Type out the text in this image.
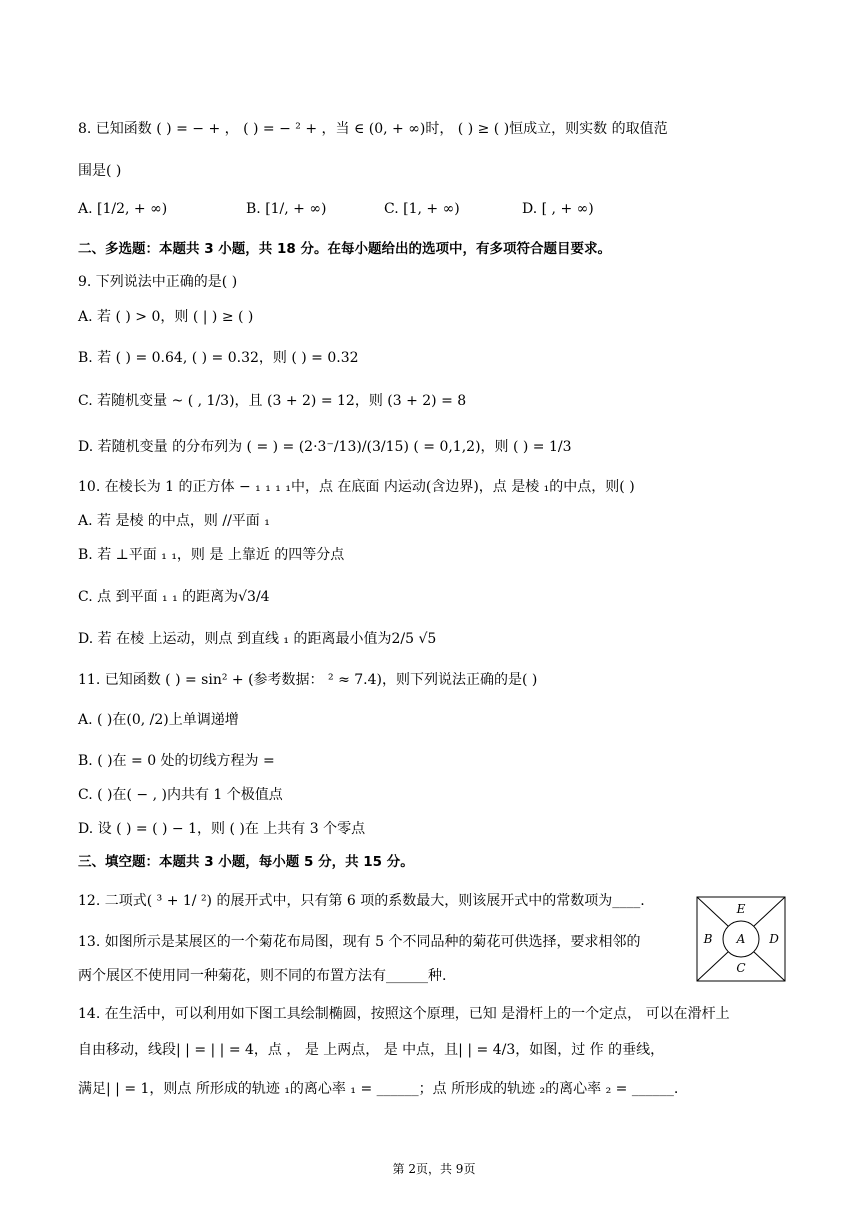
8. 已知函数 ( ) = − + ， ( ) = − ² + ，当 ∈ (0, + ∞)时， ( ) ≥ ( )恒成立，则实数 的取值范
围是( )
A. [1/2, + ∞)	B. [1/, + ∞)	C. [1, + ∞)	D. [ , + ∞)
二、多选题：本题共 3 小题，共 18 分。在每小题给出的选项中，有多项符合题目要求。
9. 下列说法中正确的是( )
A. 若 ( ) > 0，则 ( | ) ≥ ( )
B. 若 ( ) = 0.64, ( ) = 0.32，则 ( ) = 0.32
C. 若随机变量 ~ ( , 1/3)，且 (3 + 2) = 12，则 (3 + 2) = 8
D. 若随机变量 的分布列为 ( = ) = (2·3⁻/13)/(3/15) ( = 0,1,2)，则 ( ) = 1/3
10. 在棱长为 1 的正方体 − ₁ ₁ ₁ ₁中，点 在底面 内运动(含边界)，点 是棱 ₁的中点，则( )
A. 若 是棱 的中点，则 //平面 ₁
B. 若 ⊥平面 ₁ ₁，则 是 上靠近 的四等分点
C. 点 到平面 ₁ ₁ 的距离为√3/4
D. 若 在棱 上运动，则点 到直线 ₁ 的距离最小值为2/5 √5
11. 已知函数 ( ) = sin² + (参考数据： ² ≈ 7.4)，则下列说法正确的是( )
A. ( )在(0, /2)上单调递增
B. ( )在 = 0 处的切线方程为 =
C. ( )在( − , )内共有 1 个极值点
D. 设 ( ) = ( ) − 1，则 ( )在 上共有 3 个零点
三、填空题：本题共 3 小题，每小题 5 分，共 15 分。
12. 二项式( ³ + 1/ ²) 的展开式中，只有第 6 项的系数最大，则该展开式中的常数项为____.
13. 如图所示是某展区的一个菊花布局图，现有 5 个不同品种的菊花可供选择，要求相邻的
两个展区不使用同一种菊花，则不同的布置方法有______种.
E
A
B	D
C
14. 在生活中，可以利用如下图工具绘制椭圆，按照这个原理，已知 是滑杆上的一个定点， 可以在滑杆上
自由移动，线段| | = | | = 4，点 ， 是 上两点， 是 中点，且| | = 4/3，如图，过 作 的垂线，
满足| | = 1，则点 所形成的轨迹 ₁的离心率 ₁ = ______；点 所形成的轨迹 ₂的离心率 ₂ = ______.
第 2页，共 9页
